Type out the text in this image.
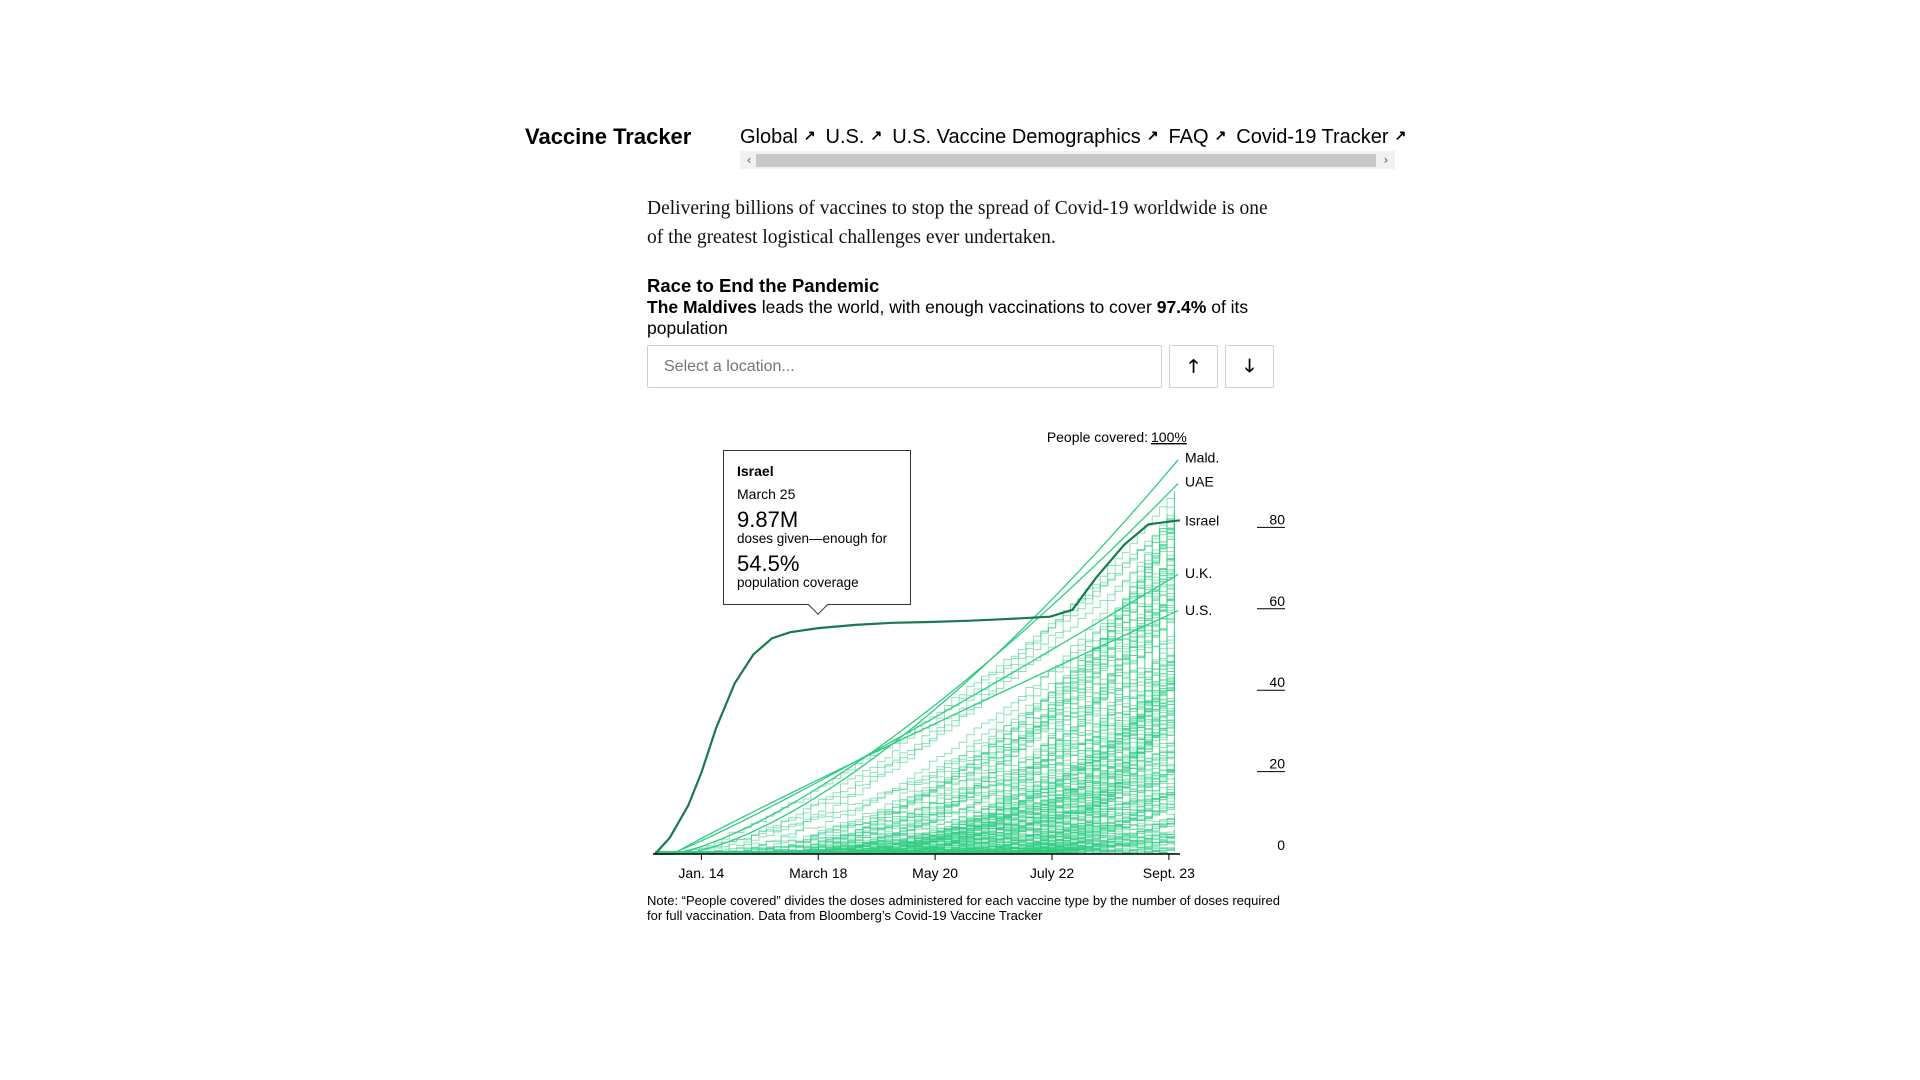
Vaccine Tracker Global ↗ U.S. ↗ U.S. Vaccine Demographics ↗ FAQ ↗ Covid-19 Tracker ↗
‹	›
Delivering billions of vaccines to stop the spread of Covid-19 worldwide is one of the greatest logistical challenges ever undertaken.
Race to End the Pandemic
The Maldives leads the world, with enough vaccinations to cover 97.4% of its population
Select a location...
🡑	🡓
Jan. 14	March 18	May 20	July 22	Sept. 23
People covered: 100%
80
60
40
20
0
Mald.
UAE
Israel
U.K.
U.S.
Israel
March 25
9.87M
doses given—enough for
54.5%
population coverage
Note: “People covered” divides the doses administered for each vaccine type by the number of doses required for full vaccination. Data from Bloomberg’s Covid-19 Vaccine Tracker
